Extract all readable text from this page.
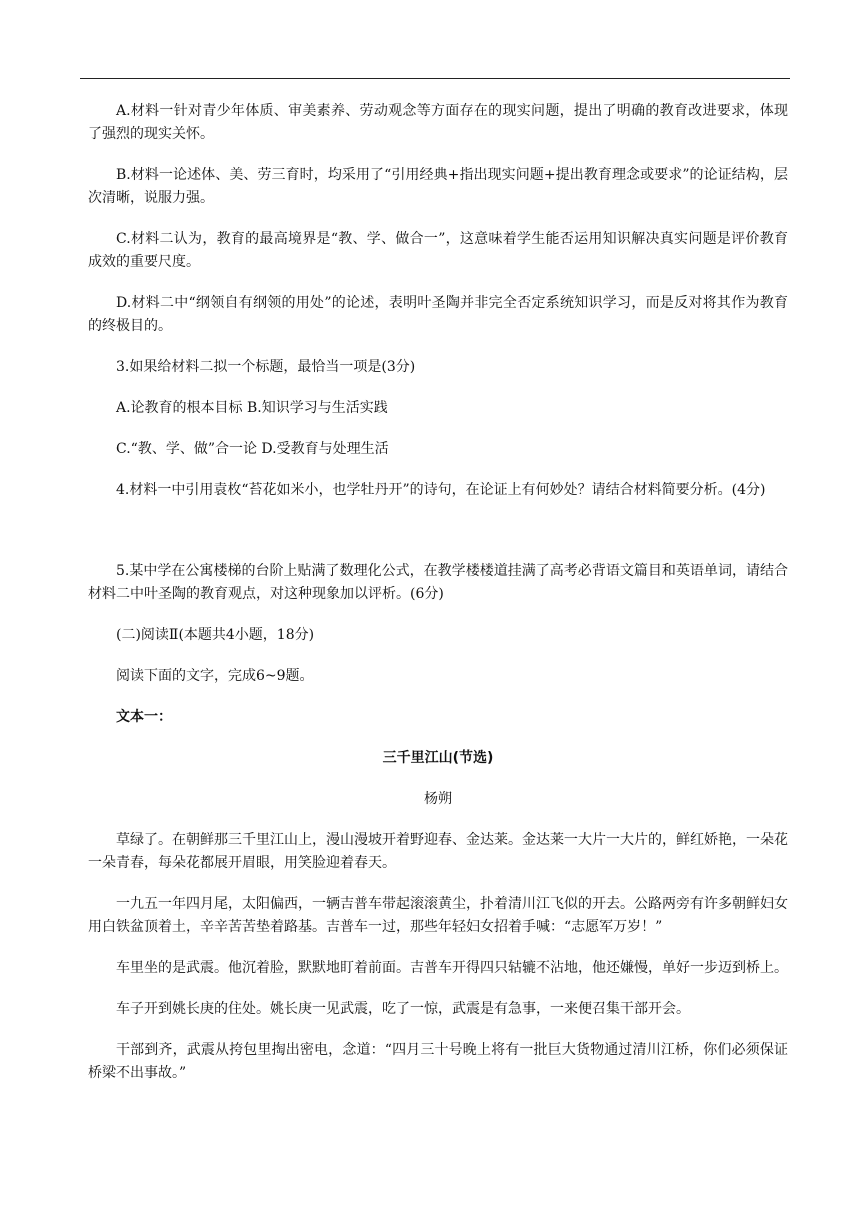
A.材料一针对青少年体质、审美素养、劳动观念等方面存在的现实问题，提出了明确的教育改进要求，体现了强烈的现实关怀。

B.材料一论述体、美、劳三育时，均采用了“引用经典+指出现实问题+提出教育理念或要求”的论证结构，层次清晰，说服力强。

C.材料二认为，教育的最高境界是“教、学、做合一”，这意味着学生能否运用知识解决真实问题是评价教育成效的重要尺度。

D.材料二中“纲领自有纲领的用处”的论述，表明叶圣陶并非完全否定系统知识学习，而是反对将其作为教育的终极目的。

3.如果给材料二拟一个标题，最恰当一项是(3分)

A.论教育的根本目标 B.知识学习与生活实践

C.“教、学、做”合一论 D.受教育与处理生活

4.材料一中引用袁枚“苔花如米小，也学牡丹开”的诗句，在论证上有何妙处？请结合材料简要分析。(4分)

5.某中学在公寓楼梯的台阶上贴满了数理化公式，在教学楼楼道挂满了高考必背语文篇目和英语单词，请结合材料二中叶圣陶的教育观点，对这种现象加以评析。(6分)

(二)阅读Ⅱ(本题共4小题，18分)

阅读下面的文字，完成6~9题。

文本一：

三千里江山(节选)

杨朔

草绿了。在朝鲜那三千里江山上，漫山漫坡开着野迎春、金达莱。金达莱一大片一大片的，鲜红娇艳，一朵花一朵青春，每朵花都展开眉眼，用笑脸迎着春天。

一九五一年四月尾，太阳偏西，一辆吉普车带起滚滚黄尘，扑着清川江飞似的开去。公路两旁有许多朝鲜妇女用白铁盆顶着土，辛辛苦苦垫着路基。吉普车一过，那些年轻妇女招着手喊：“志愿军万岁！”

车里坐的是武震。他沉着脸，默默地盯着前面。吉普车开得四只轱辘不沾地，他还嫌慢，单好一步迈到桥上。

车子开到姚长庚的住处。姚长庚一见武震，吃了一惊，武震是有急事，一来便召集干部开会。

干部到齐，武震从挎包里掏出密电，念道：“四月三十号晚上将有一批巨大货物通过清川江桥，你们必须保证桥梁不出事故。”
